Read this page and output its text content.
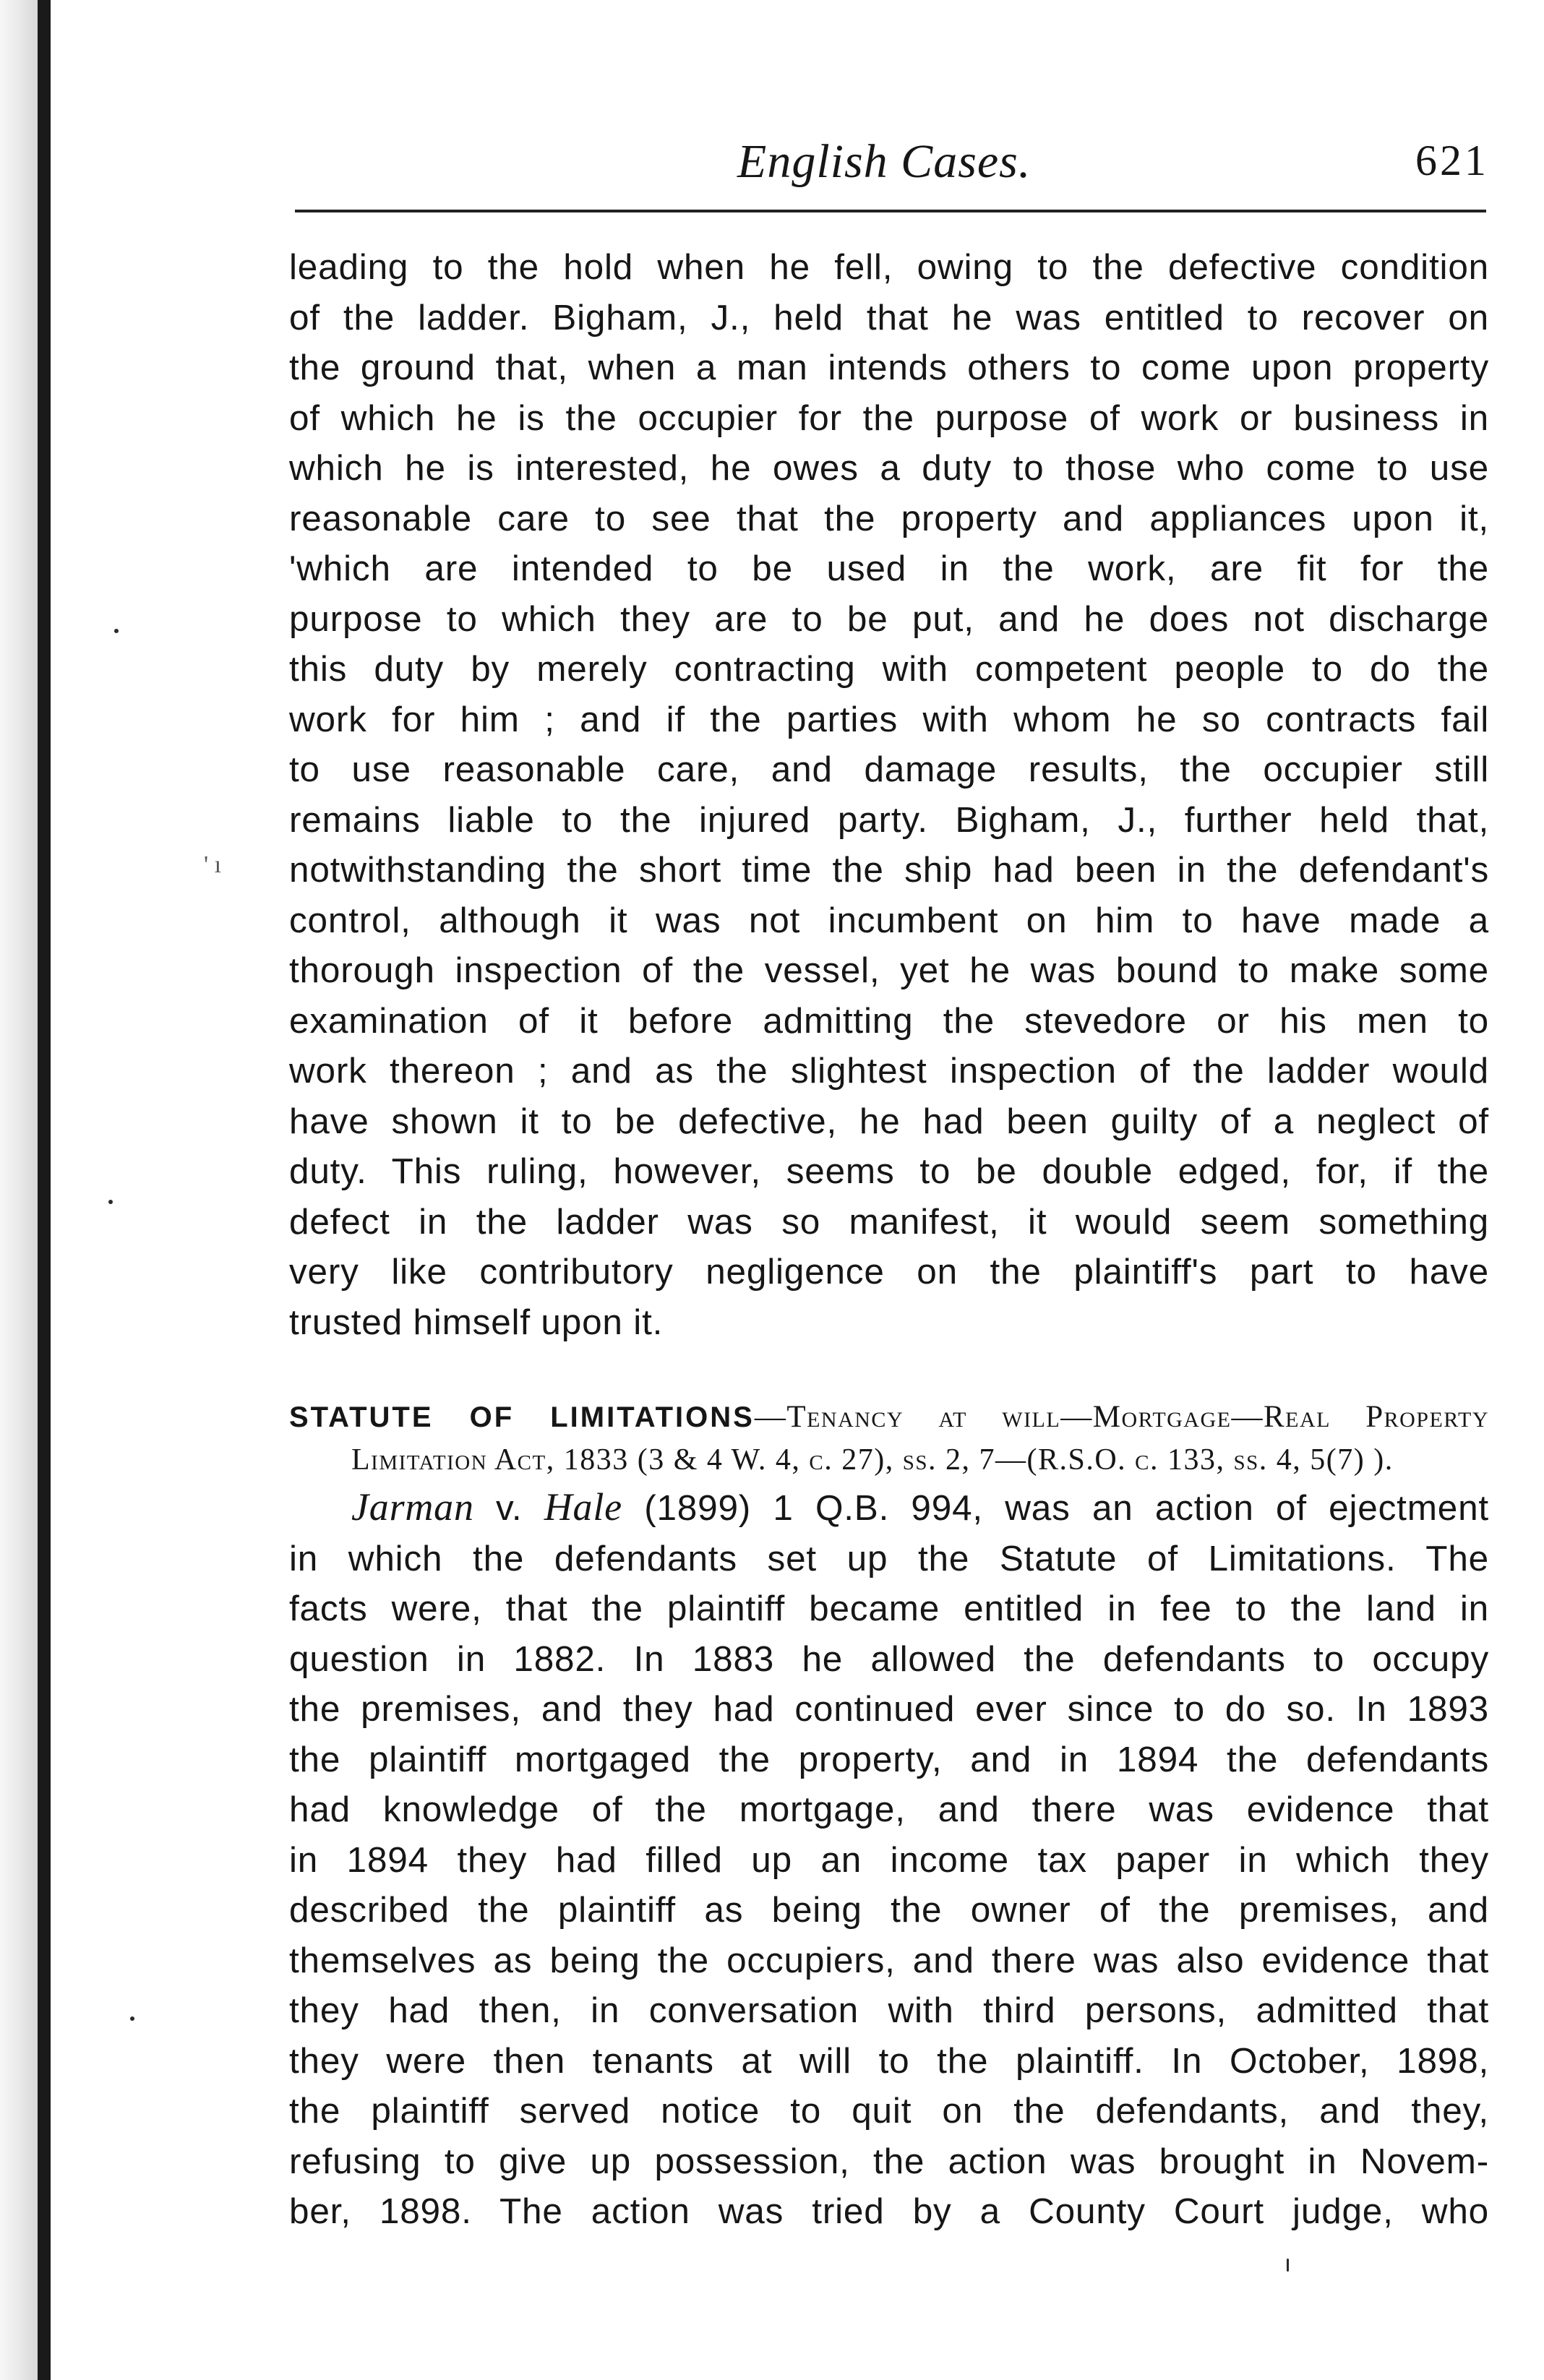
' ı
English Cases.	621
leading to the hold when he fell, owing to the defective condition
of the ladder. Bigham, J., held that he was entitled to recover on
the ground that, when a man intends others to come upon property
of which he is the occupier for the purpose of work or business in
which he is interested, he owes a duty to those who come to use
reasonable care to see that the property and appliances upon it,
'which are intended to be used in the work, are fit for the
purpose to which they are to be put, and he does not discharge
this duty by merely contracting with competent people to do the
work for him ; and if the parties with whom he so contracts fail
to use reasonable care, and damage results, the occupier still
remains liable to the injured party. Bigham, J., further held that,
notwithstanding the short time the ship had been in the defendant's
control, although it was not incumbent on him to have made a
thorough inspection of the vessel, yet he was bound to make some
examination of it before admitting the stevedore or his men to
work thereon ; and as the slightest inspection of the ladder would
have shown it to be defective, he had been guilty of a neglect of
duty. This ruling, however, seems to be double edged, for, if the
defect in the ladder was so manifest, it would seem something
very like contributory negligence on the plaintiff's part to have
trusted himself upon it.
STATUTE OF LIMITATIONS—Tenancy at will—Mortgage—Real Property
Limitation Act, 1833 (3 & 4 W. 4, c. 27), ss. 2, 7—(R.S.O. c. 133, ss. 4, 5(7) ).
Jarman v. Hale (1899) 1 Q.B. 994, was an action of ejectment
in which the defendants set up the Statute of Limitations. The
facts were, that the plaintiff became entitled in fee to the land in
question in 1882. In 1883 he allowed the defendants to occupy
the premises, and they had continued ever since to do so. In 1893
the plaintiff mortgaged the property, and in 1894 the defendants
had knowledge of the mortgage, and there was evidence that
in 1894 they had filled up an income tax paper in which they
described the plaintiff as being the owner of the premises, and
themselves as being the occupiers, and there was also evidence that
they had then, in conversation with third persons, admitted that
they were then tenants at will to the plaintiff. In October, 1898,
the plaintiff served notice to quit on the defendants, and they,
refusing to give up possession, the action was brought in Novem-
ber, 1898. The action was tried by a County Court judge, who
